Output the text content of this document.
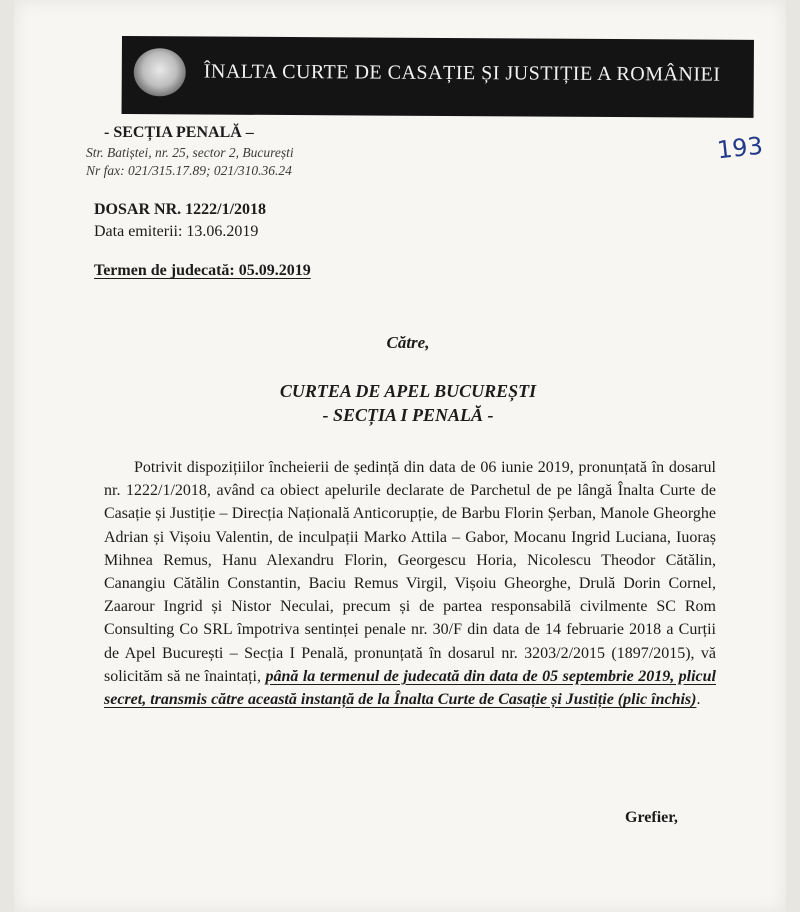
ÎNALTA CURTE DE CASAȚIE ȘI JUSTIȚIE A ROMÂNIEI
- SECȚIA PENALĂ –
Str. Batiștei, nr. 25, sector 2, București
Nr fax: 021/315.17.89; 021/310.36.24
193
DOSAR NR. 1222/1/2018
Data emiterii: 13.06.2019
Termen de judecată: 05.09.2019
Către,
CURTEA DE APEL BUCUREȘTI
- SECȚIA I PENALĂ -
Potrivit dispozițiilor încheierii de ședință din data de 06 iunie 2019, pronunțată în dosarul nr. 1222/1/2018, având ca obiect apelurile declarate de Parchetul de pe lângă Înalta Curte de Casație și Justiție – Direcția Națională Anticorupție, de Barbu Florin Șerban, Manole Gheorghe Adrian și Vișoiu Valentin, de inculpații Marko Attila – Gabor, Mocanu Ingrid Luciana, Iuoraș Mihnea Remus, Hanu Alexandru Florin, Georgescu Horia, Nicolescu Theodor Cătălin, Canangiu Cătălin Constantin, Baciu Remus Virgil, Vișoiu Gheorghe, Drulă Dorin Cornel, Zaarour Ingrid și Nistor Neculai, precum și de partea responsabilă civilmente SC Rom Consulting Co SRL împotriva sentinței penale nr. 30/F din data de 14 februarie 2018 a Curții de Apel București – Secția I Penală, pronunțată în dosarul nr. 3203/2/2015 (1897/2015), vă solicităm să ne înaintați, până la termenul de judecată din data de 05 septembrie 2019, plicul secret, transmis către această instanță de la Înalta Curte de Casație și Justiție (plic închis).
Grefier,
